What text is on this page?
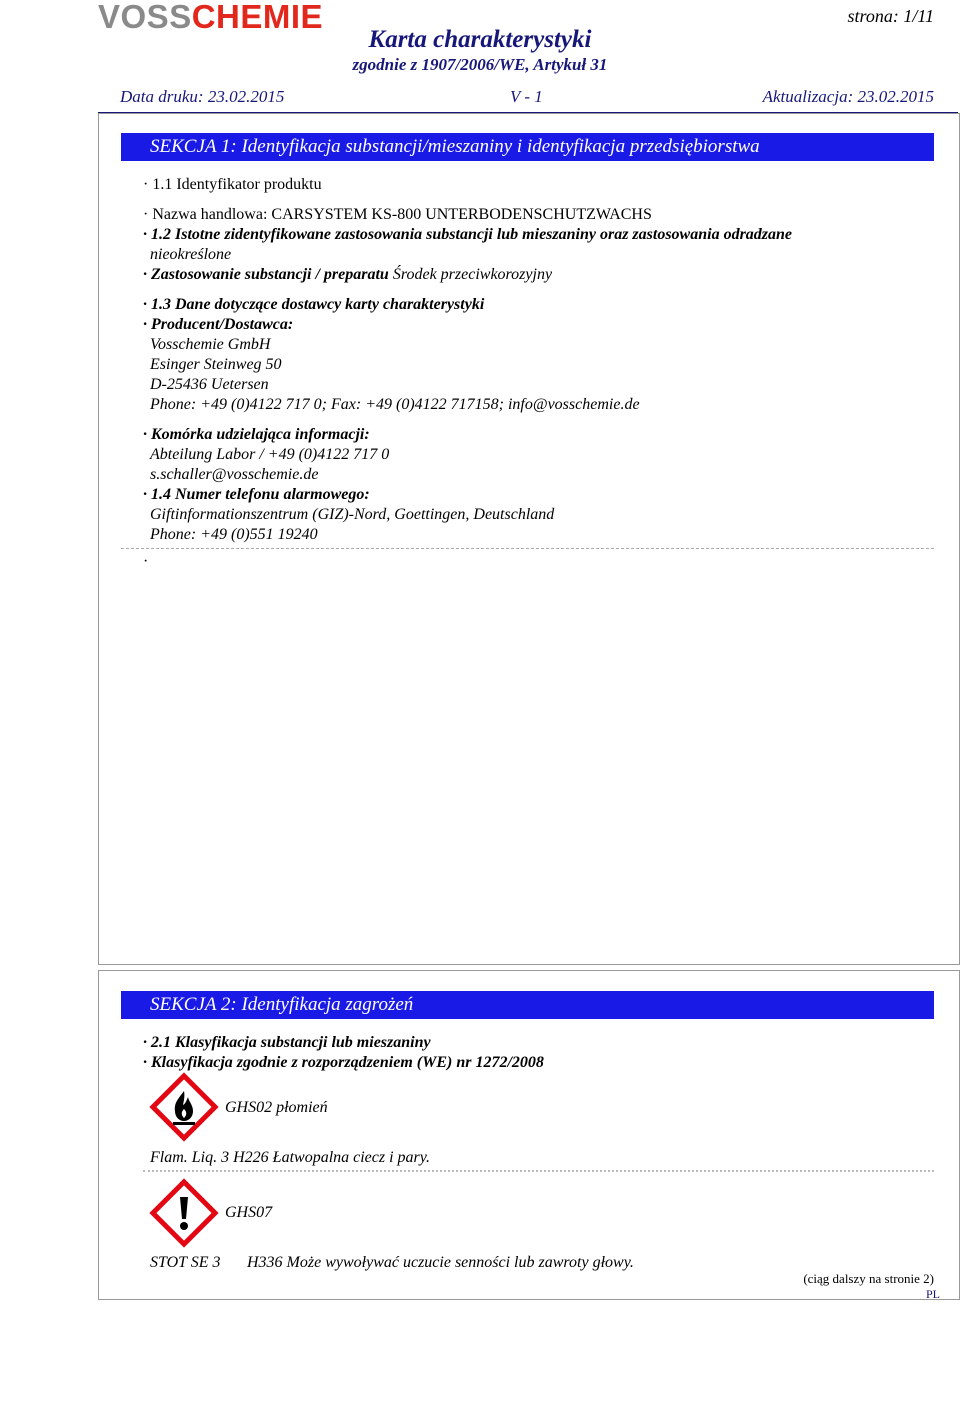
VOSS CHEMIE	strona: 1/11
Karta charakterystyki
zgodnie z 1907/2006/WE, Artykuł 31
Data druku: 23.02.2015	V - 1	Aktualizacja: 23.02.2015
SEKCJA 1: Identyfikacja substancji/mieszaniny i identyfikacja przedsiębiorstwa
· 1.1 Identyfikator produktu
· Nazwa handlowa: CARSYSTEM KS-800 UNTERBODENSCHUTZWACHS
· 1.2 Istotne zidentyfikowane zastosowania substancji lub mieszaniny oraz zastosowania odradzane
nieokreślone
· Zastosowanie substancji / preparatu Środek przeciwkorozyjny
· 1.3 Dane dotyczące dostawcy karty charakterystyki
· Producent/Dostawca:
Vosschemie GmbH
Esinger Steinweg 50
D-25436 Uetersen
Phone: +49 (0)4122 717 0; Fax: +49 (0)4122 717158; info@vosschemie.de
· Komórka udzielająca informacji:
Abteilung Labor / +49 (0)4122 717 0
s.schaller@vosschemie.de
· 1.4 Numer telefonu alarmowego:
Giftinformationszentrum (GIZ)-Nord, Goettingen, Deutschland
Phone: +49 (0)551 19240
·
SEKCJA 2: Identyfikacja zagrożeń
· 2.1 Klasyfikacja substancji lub mieszaniny
· Klasyfikacja zgodnie z rozporządzeniem (WE) nr 1272/2008
GHS02 płomień
Flam. Liq. 3 H226 Łatwopalna ciecz i pary.
GHS07
STOT SE 3 H336 Może wywoływać uczucie senności lub zawroty głowy.
(ciąg dalszy na stronie 2)
PL
